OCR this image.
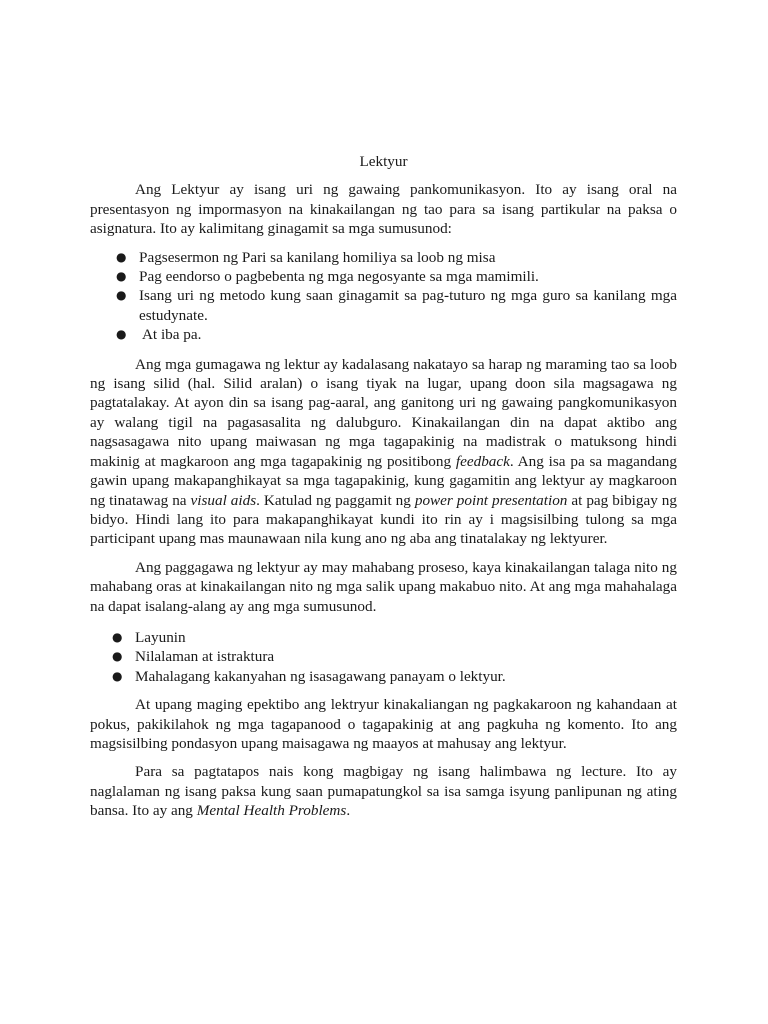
Lektyur

Ang Lektyur ay isang uri ng gawaing pankomunikasyon. Ito ay isang oral na presentasyon ng impormasyon na kinakailangan ng tao para sa isang partikular na paksa o asignatura. Ito ay kalimitang ginagamit sa mga sumusunod:

● Pagsesermon ng Pari sa kanilang homiliya sa loob ng misa
● Pag eendorso o pagbebenta ng mga negosyante sa mga mamimili.
● Isang uri ng metodo kung saan ginagamit sa pag-tuturo ng mga guro sa kanilang mga estudynate.
● At iba pa.

Ang mga gumagawa ng lektur ay kadalasang nakatayo sa harap ng maraming tao sa loob ng isang silid (hal. Silid aralan) o isang tiyak na lugar, upang doon sila magsagawa ng pagtatalakay. At ayon din sa isang pag-aaral, ang ganitong uri ng gawaing pangkomunikasyon ay walang tigil na pagasasalita ng dalubguro. Kinakailangan din na dapat aktibo ang nagsasagawa nito upang maiwasan ng mga tagapakinig na madistrak o matuksong hindi makinig at magkaroon ang mga tagapakinig ng positibong feedback. Ang isa pa sa magandang gawin upang makapanghikayat sa mga tagapakinig, kung gagamitin ang lektyur ay magkaroon ng tinatawag na visual aids. Katulad ng paggamit ng power point presentation at pag bibigay ng bidyo. Hindi lang ito para makapanghikayat kundi ito rin ay i magsisilbing tulong sa mga participant upang mas maunawaan nila kung ano ng aba ang tinatalakay ng lektyurer.

Ang paggagawa ng lektyur ay may mahabang proseso, kaya kinakailangan talaga nito ng mahabang oras at kinakailangan nito ng mga salik upang makabuo nito. At ang mga mahahalaga na dapat isalang-alang ay ang mga sumusunod.

● Layunin
● Nilalaman at istraktura
● Mahalagang kakanyahan ng isasagawang panayam o lektyur.

At upang maging epektibo ang lektryur kinakaliangan ng pagkakaroon ng kahandaan at pokus, pakikilahok ng mga tagapanood o tagapakinig at ang pagkuha ng komento. Ito ang magsisilbing pondasyon upang maisagawa ng maayos at mahusay ang lektyur.

Para sa pagtatapos nais kong magbigay ng isang halimbawa ng lecture. Ito ay naglalaman ng isang paksa kung saan pumapatungkol sa isa samga isyung panlipunan ng ating bansa. Ito ay ang Mental Health Problems.
